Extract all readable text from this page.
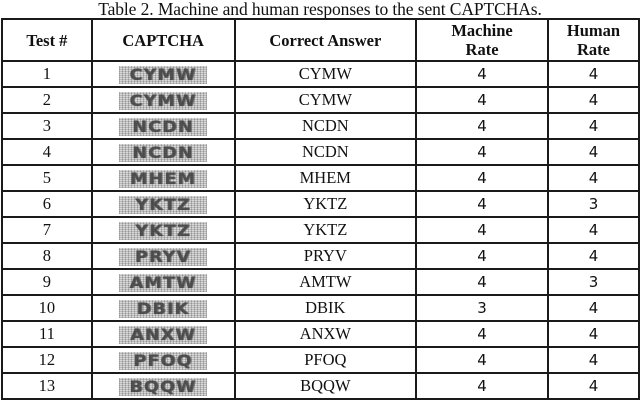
Table 2. Machine and human responses to the sent CAPTCHAs.
Test #	CAPTCHA	Correct Answer	Machine Rate	Human Rate
1	CYMW	CYMW	4	4
2	CYMW	CYMW	4	4
3	NCDN	NCDN	4	4
4	NCDN	NCDN	4	4
5	MHEM	MHEM	4	4
6	YKTZ	YKTZ	4	3
7	YKTZ	YKTZ	4	4
8	PRYV	PRYV	4	4
9	AMTW	AMTW	4	3
10	DBIK	DBIK	3	4
11	ANXW	ANXW	4	4
12	PFOQ	PFOQ	4	4
13	BQQW	BQQW	4	4
